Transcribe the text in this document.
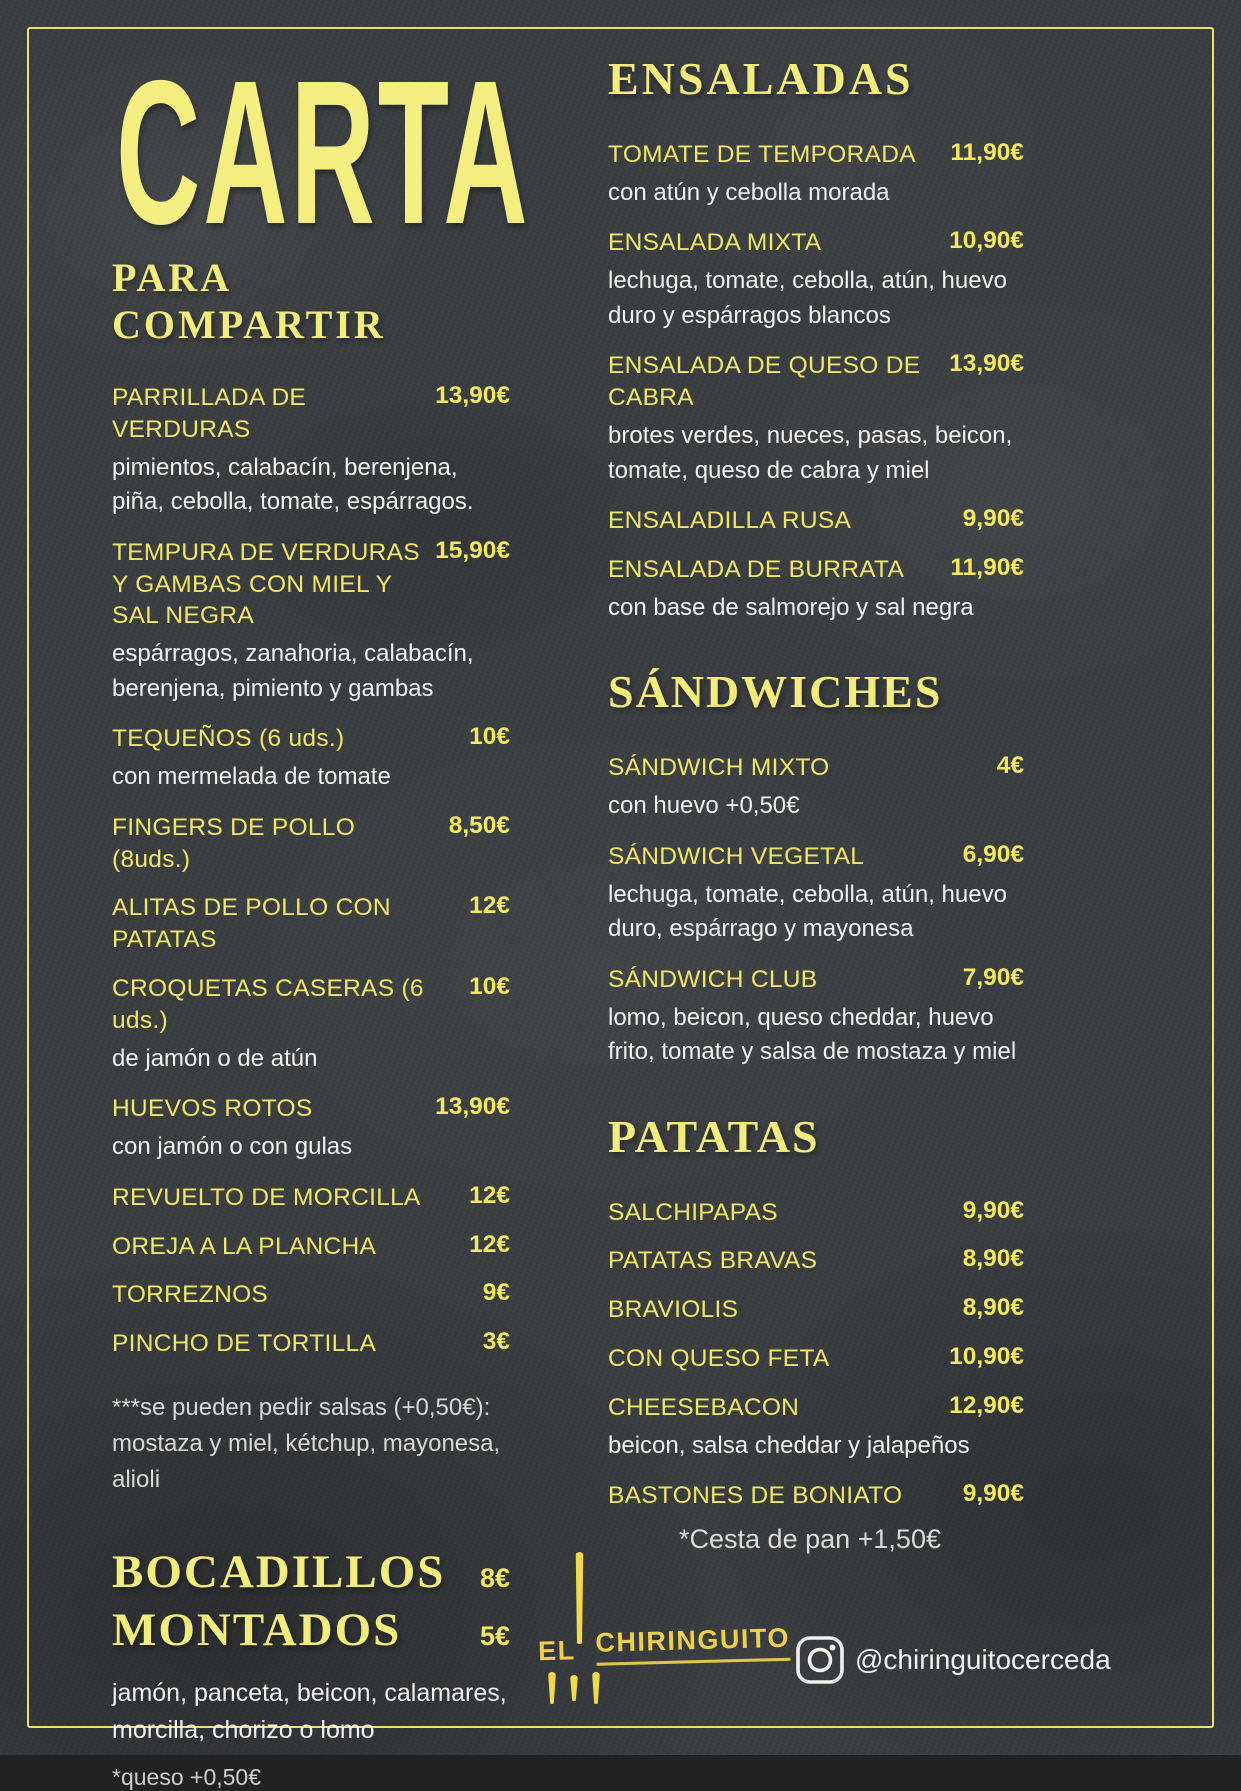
CARTA
PARA COMPARTIR
PARRILLADA DE VERDURAS
13,90€
pimientos, calabacín, berenjena, piña, cebolla, tomate, espárragos.
TEMPURA DE VERDURAS Y GAMBAS CON MIEL Y SAL NEGRA
15,90€
espárragos, zanahoria, calabacín, berenjena, pimiento y gambas
TEQUEÑOS (6 uds.)	10€
con mermelada de tomate
FINGERS DE POLLO (8uds.)
8,50€
ALITAS DE POLLO CON PATATAS
12€
CROQUETAS CASERAS (6 uds.)
10€
de jamón o de atún
HUEVOS ROTOS	13,90€
con jamón o con gulas
REVUELTO DE MORCILLA	12€
OREJA A LA PLANCHA	12€
TORREZNOS	9€
PINCHO DE TORTILLA	3€
***se pueden pedir salsas (+0,50€):
mostaza y miel, kétchup, mayonesa, alioli
BOCADILLOS 8€
MONTADOS	5€
jamón, panceta, beicon, calamares, morcilla, chorizo o lomo
*queso +0,50€
ENSALADAS
TOMATE DE TEMPORADA	11,90€
con atún y cebolla morada
ENSALADA MIXTA	10,90€
lechuga, tomate, cebolla, atún, huevo duro y espárragos blancos
ENSALADA DE QUESO DE CABRA
13,90€
brotes verdes, nueces, pasas, beicon, tomate, queso de cabra y miel
ENSALADILLA RUSA	9,90€
ENSALADA DE BURRATA	11,90€
con base de salmorejo y sal negra
SÁNDWICHES
SÁNDWICH MIXTO	4€
con huevo +0,50€
SÁNDWICH VEGETAL	6,90€
lechuga, tomate, cebolla, atún, huevo duro, espárrago y mayonesa
SÁNDWICH CLUB	7,90€
lomo, beicon, queso cheddar, huevo frito, tomate y salsa de mostaza y miel
PATATAS
SALCHIPAPAS	9,90€
PATATAS BRAVAS	8,90€
BRAVIOLIS	8,90€
CON QUESO FETA	10,90€
CHEESEBACON	12,90€
beicon, salsa cheddar y jalapeños
BASTONES DE BONIATO	9,90€
*Cesta de pan +1,50€
EL CHIRINGUITO
@chiringuitocerceda
